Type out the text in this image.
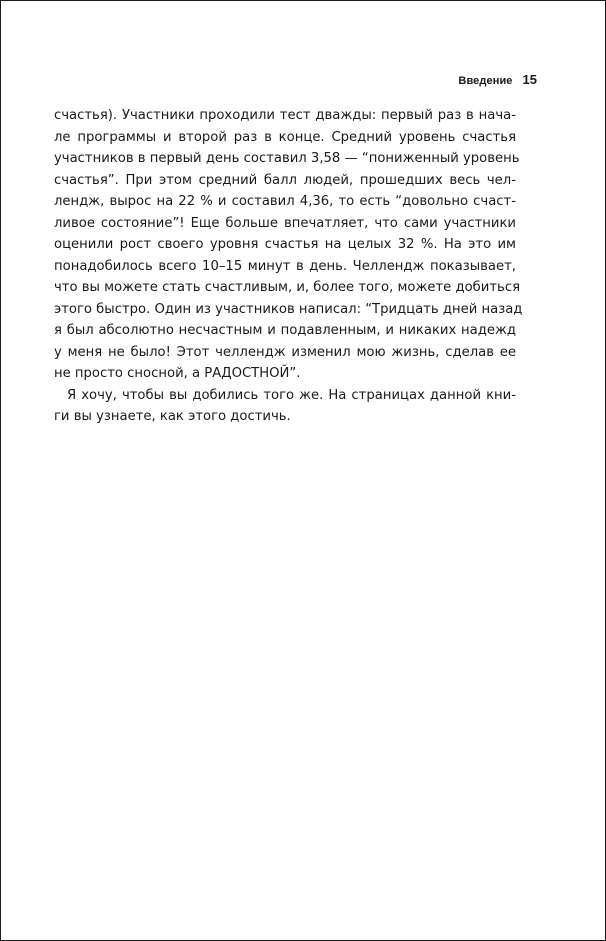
Введение 15

счастья). Участники проходили тест дважды: первый раз в нача-
ле программы и второй раз в конце. Средний уровень счастья
участников в первый день составил 3,58 — “пониженный уровень
счастья”. При этом средний балл людей, прошедших весь чел-
лендж, вырос на 22 % и составил 4,36, то есть “довольно счаст-
ливое состояние”! Еще больше впечатляет, что сами участники
оценили рост своего уровня счастья на целых 32 %. На это им
понадобилось всего 10–15 минут в день. Челлендж показывает,
что вы можете стать счастливым, и, более того, можете добиться
этого быстро. Один из участников написал: “Тридцать дней назад
я был абсолютно несчастным и подавленным, и никаких надежд
у меня не было! Этот челлендж изменил мою жизнь, сделав ее
не просто сносной, а РАДОСТНОЙ”.

Я хочу, чтобы вы добились того же. На страницах данной кни-
ги вы узнаете, как этого достичь.
